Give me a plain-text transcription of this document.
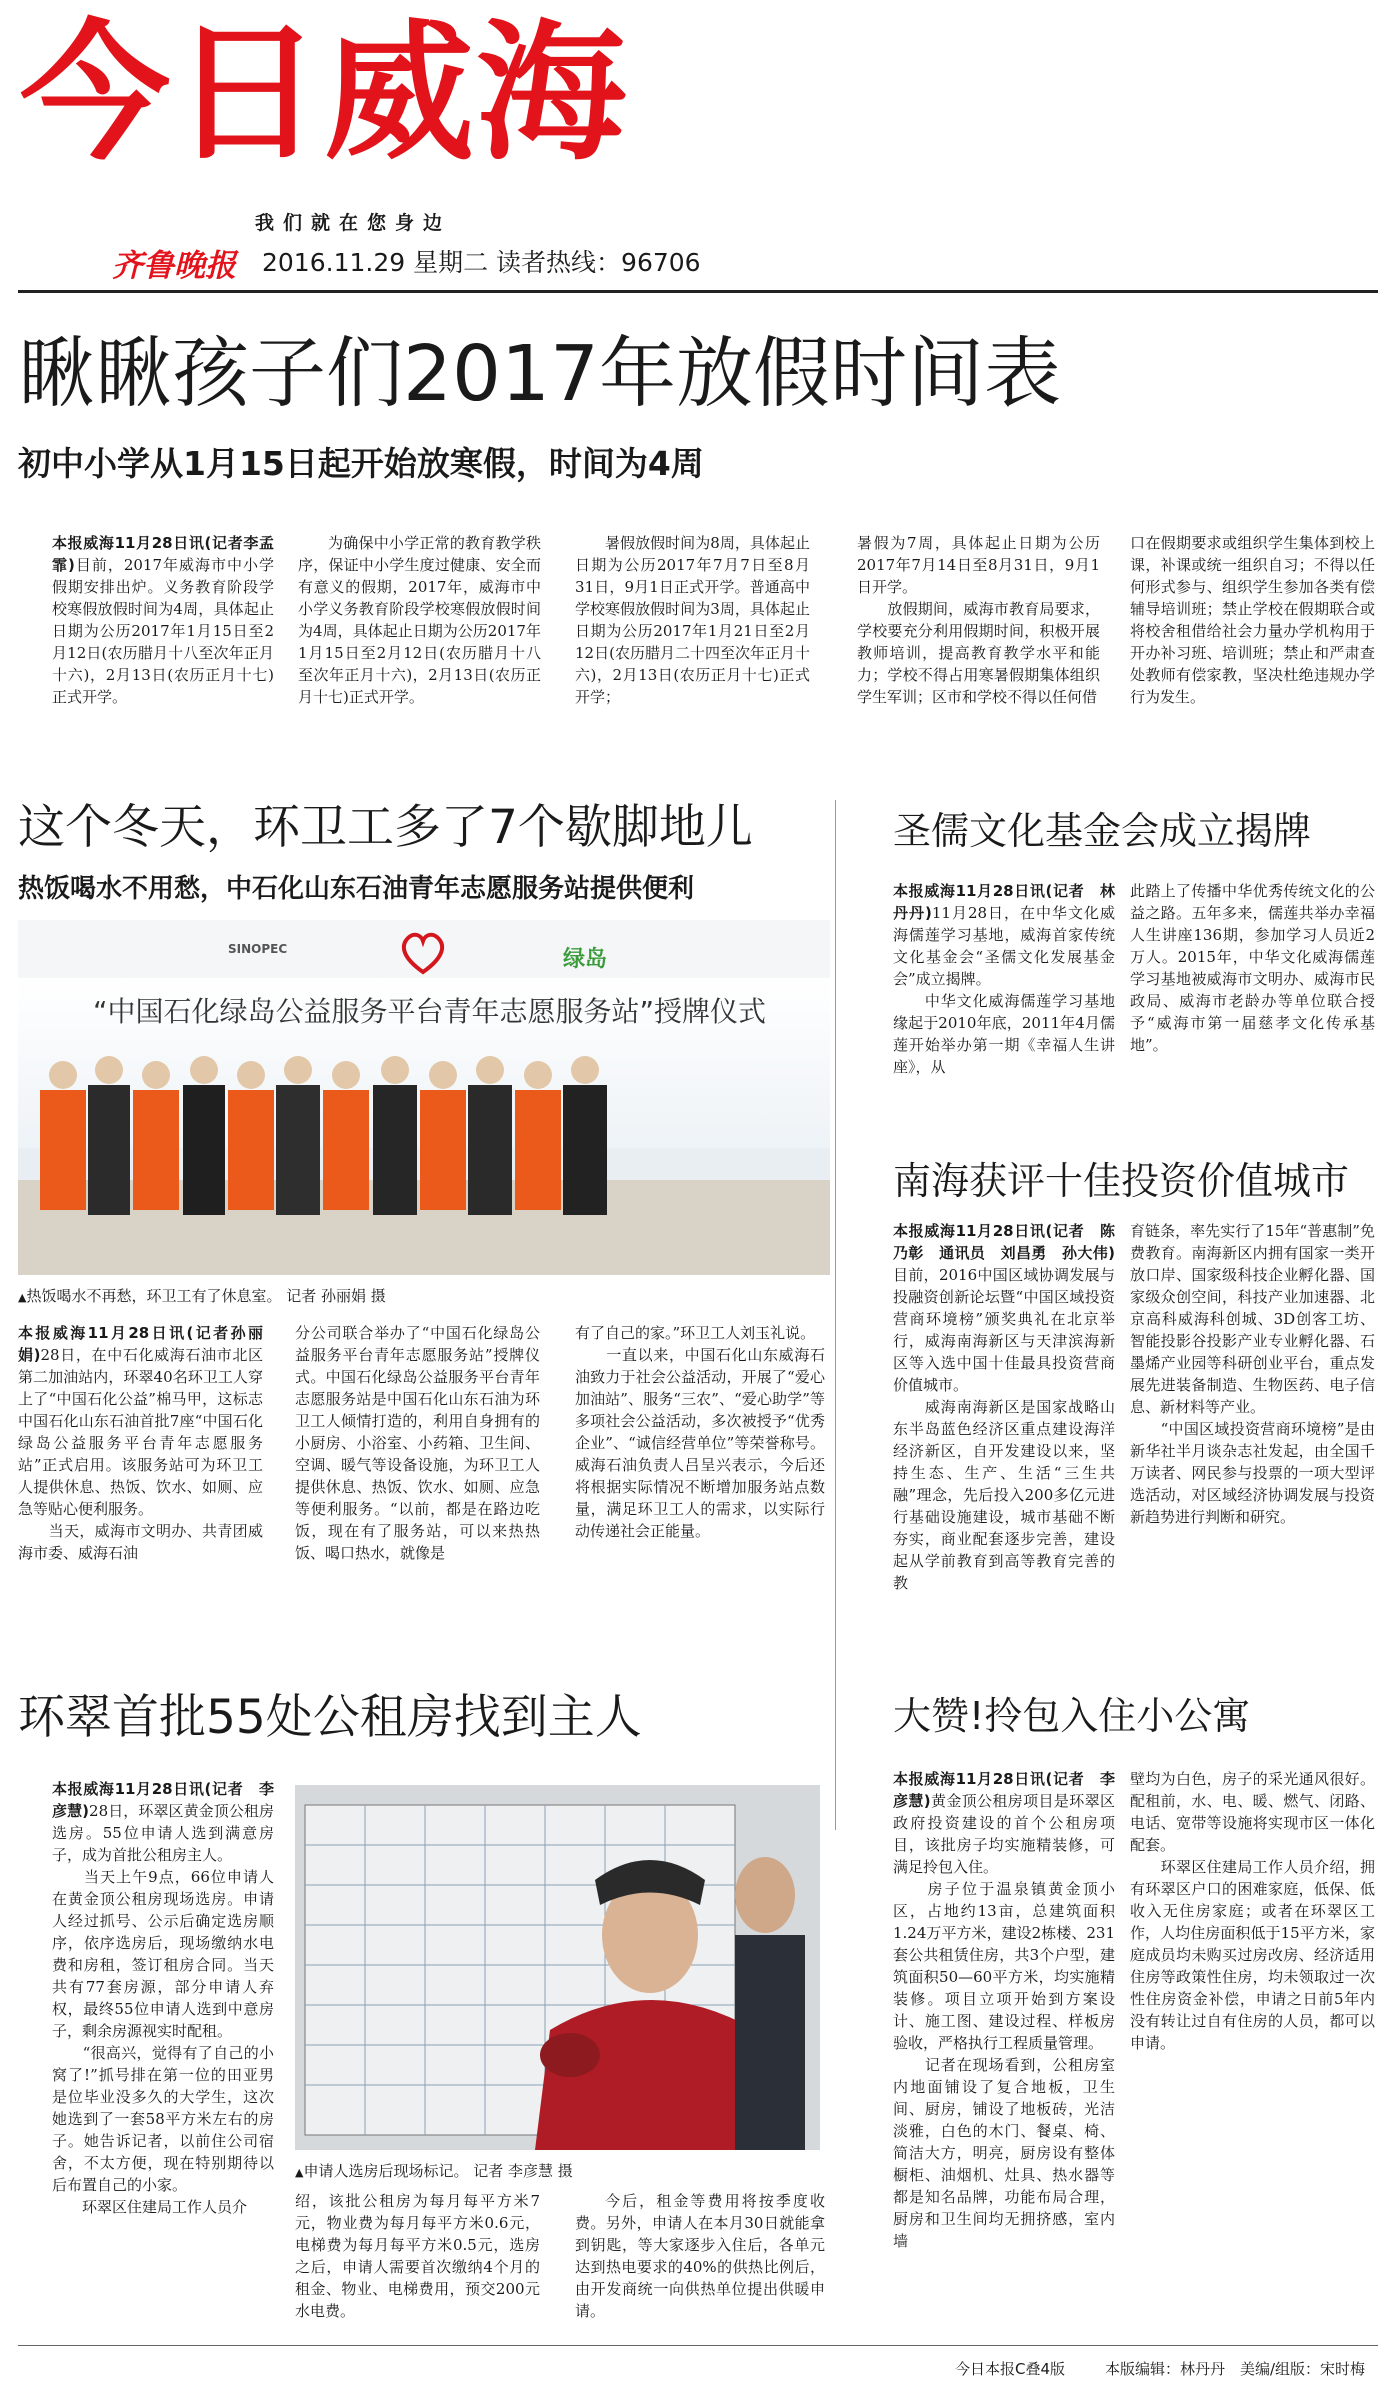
今日威海
我们就在您身边
齐鲁晚报 2016.11.29 星期二 读者热线：96706
瞅瞅孩子们2017年放假时间表
初中小学从1月15日起开始放寒假，时间为4周

本报威海11月28日讯(记者李孟霏)目前，2017年威海市中小学假期安排出炉。义务教育阶段学校寒假放假时间为4周，具体起止日期为公历2017年1月15日至2月12日(农历腊月十八至次年正月十六)，2月13日(农历正月十七)正式开学。

为确保中小学正常的教育教学秩序，保证中小学生度过健康、安全而有意义的假期，2017年，威海市中小学义务教育阶段学校寒假放假时间为4周，具体起止日期为公历2017年1月15日至2月12日(农历腊月十八至次年正月十六)，2月13日(农历正月十七)正式开学。

暑假放假时间为8周，具体起止日期为公历2017年7月7日至8月31日，9月1日正式开学。普通高中学校寒假放假时间为3周，具体起止日期为公历2017年1月21日至2月12日(农历腊月二十四至次年正月十六)，2月13日(农历正月十七)正式开学；

暑假为7周，具体起止日期为公历2017年7月14日至8月31日，9月1日开学。
　　放假期间，威海市教育局要求，学校要充分利用假期时间，积极开展教师培训，提高教育教学水平和能力；学校不得占用寒暑假期集体组织学生军训；区市和学校不得以任何借

口在假期要求或组织学生集体到校上课，补课或统一组织自习；不得以任何形式参与、组织学生参加各类有偿辅导培训班；禁止学校在假期联合或将校舍租借给社会力量办学机构用于开办补习班、培训班；禁止和严肃查处教师有偿家教，坚决杜绝违规办学行为发生。

这个冬天，环卫工多了7个歇脚地儿
热饭喝水不用愁，中石化山东石油青年志愿服务站提供便利
SINOPEC	绿岛
“中国石化绿岛公益服务平台青年志愿服务站”授牌仪式
▲热饭喝水不再愁，环卫工有了休息室。 记者 孙丽娟 摄

本报威海11月28日讯(记者孙丽娟)28日，在中石化威海石油市北区第二加油站内，环翠40名环卫工人穿上了“中国石化公益”棉马甲，这标志中国石化山东石油首批7座“中国石化绿岛公益服务平台青年志愿服务站”正式启用。该服务站可为环卫工人提供休息、热饭、饮水、如厕、应急等贴心便利服务。
　　当天，威海市文明办、共青团威海市委、威海石油

分公司联合举办了“中国石化绿岛公益服务平台青年志愿服务站”授牌仪式。中国石化绿岛公益服务平台青年志愿服务站是中国石化山东石油为环卫工人倾情打造的，利用自身拥有的小厨房、小浴室、小药箱、卫生间、空调、暖气等设备设施，为环卫工人提供休息、热饭、饮水、如厕、应急等便利服务。“以前，都是在路边吃饭，现在有了服务站，可以来热热饭、喝口热水，就像是

有了自己的家。”环卫工人刘玉礼说。
　　一直以来，中国石化山东威海石油致力于社会公益活动，开展了“爱心加油站”、服务“三农”、“爱心助学”等多项社会公益活动，多次被授予“优秀企业”、“诚信经营单位”等荣誉称号。威海石油负责人吕呈兴表示，今后还将根据实际情况不断增加服务站点数量，满足环卫工人的需求，以实际行动传递社会正能量。

圣儒文化基金会成立揭牌

本报威海11月28日讯(记者　林丹丹)11月28日，在中华文化威海儒莲学习基地，威海首家传统文化基金会“圣儒文化发展基金会”成立揭牌。
　　中华文化威海儒莲学习基地缘起于2010年底，2011年4月儒莲开始举办第一期《幸福人生讲座》，从

此踏上了传播中华优秀传统文化的公益之路。五年多来，儒莲共举办幸福人生讲座136期，参加学习人员近2万人。2015年，中华文化威海儒莲学习基地被威海市文明办、威海市民政局、威海市老龄办等单位联合授予“威海市第一届慈孝文化传承基地”。

南海获评十佳投资价值城市

本报威海11月28日讯(记者　陈乃彰　通讯员　刘昌勇　孙大伟)目前，2016中国区域协调发展与投融资创新论坛暨“中国区域投资营商环境榜”颁奖典礼在北京举行，威海南海新区与天津滨海新区等入选中国十佳最具投资营商价值城市。
　　威海南海新区是国家战略山东半岛蓝色经济区重点建设海洋经济新区，自开发建设以来，坚持生态、生产、生活“三生共融”理念，先后投入200多亿元进行基础设施建设，城市基础不断夯实，商业配套逐步完善，建设起从学前教育到高等教育完善的教

育链条，率先实行了15年“普惠制”免费教育。南海新区内拥有国家一类开放口岸、国家级科技企业孵化器、国家级众创空间，科技产业加速器、北京高科威海科创城、3D创客工坊、智能投影谷投影产业专业孵化器、石墨烯产业园等科研创业平台，重点发展先进装备制造、生物医药、电子信息、新材料等产业。
　　“中国区域投资营商环境榜”是由新华社半月谈杂志社发起，由全国千万读者、网民参与投票的一项大型评选活动，对区域经济协调发展与投资新趋势进行判断和研究。

环翠首批55处公租房找到主人

本报威海11月28日讯(记者　李彦慧)28日，环翠区黄金顶公租房选房。55位申请人选到满意房子，成为首批公租房主人。
　　当天上午9点，66位申请人在黄金顶公租房现场选房。申请人经过抓号、公示后确定选房顺序，依序选房后，现场缴纳水电费和房租，签订租房合同。当天共有77套房源，部分申请人弃权，最终55位申请人选到中意房子，剩余房源视实时配租。
　　“很高兴，觉得有了自己的小窝了!”抓号排在第一位的田亚男是位毕业没多久的大学生，这次她选到了一套58平方米左右的房子。她告诉记者，以前住公司宿舍，不太方便，现在特别期待以后布置自己的小家。
　　环翠区住建局工作人员介

▲申请人选房后现场标记。 记者 李彦慧 摄

绍，该批公租房为每月每平方米7元，物业费为每月每平方米0.6元，电梯费为每月每平方米0.5元，选房之后，申请人需要首次缴纳4个月的租金、物业、电梯费用，预交200元水电费。

今后，租金等费用将按季度收费。另外，申请人在本月30日就能拿到钥匙，等大家逐步入住后，各单元达到热电要求的40%的供热比例后，由开发商统一向供热单位提出供暖申请。

大赞!拎包入住小公寓

本报威海11月28日讯(记者　李彦慧)黄金顶公租房项目是环翠区政府投资建设的首个公租房项目，该批房子均实施精装修，可满足拎包入住。
　　房子位于温泉镇黄金顶小区，占地约13亩，总建筑面积1.24万平方米，建设2栋楼、231套公共租赁住房，共3个户型，建筑面积50—60平方米，均实施精装修。项目立项开始到方案设计、施工图、建设过程、样板房验收，严格执行工程质量管理。
　　记者在现场看到，公租房室内地面铺设了复合地板，卫生间、厨房，铺设了地板砖，光洁淡雅，白色的木门、餐桌、椅、简洁大方，明亮，厨房设有整体橱柜、油烟机、灶具、热水器等都是知名品牌，功能布局合理，厨房和卫生间均无拥挤感，室内墙

壁均为白色，房子的采光通风很好。配租前，水、电、暖、燃气、闭路、电话、宽带等设施将实现市区一体化配套。
　　环翠区住建局工作人员介绍，拥有环翠区户口的困难家庭，低保、低收入无住房家庭；或者在环翠区工作，人均住房面积低于15平方米，家庭成员均未购买过房改房、经济适用住房等政策性住房，均未领取过一次性住房资金补偿，申请之日前5年内没有转让过自有住房的人员，都可以申请。

今日本报C叠4版	本版编辑：林丹丹 美编/组版：宋时梅
